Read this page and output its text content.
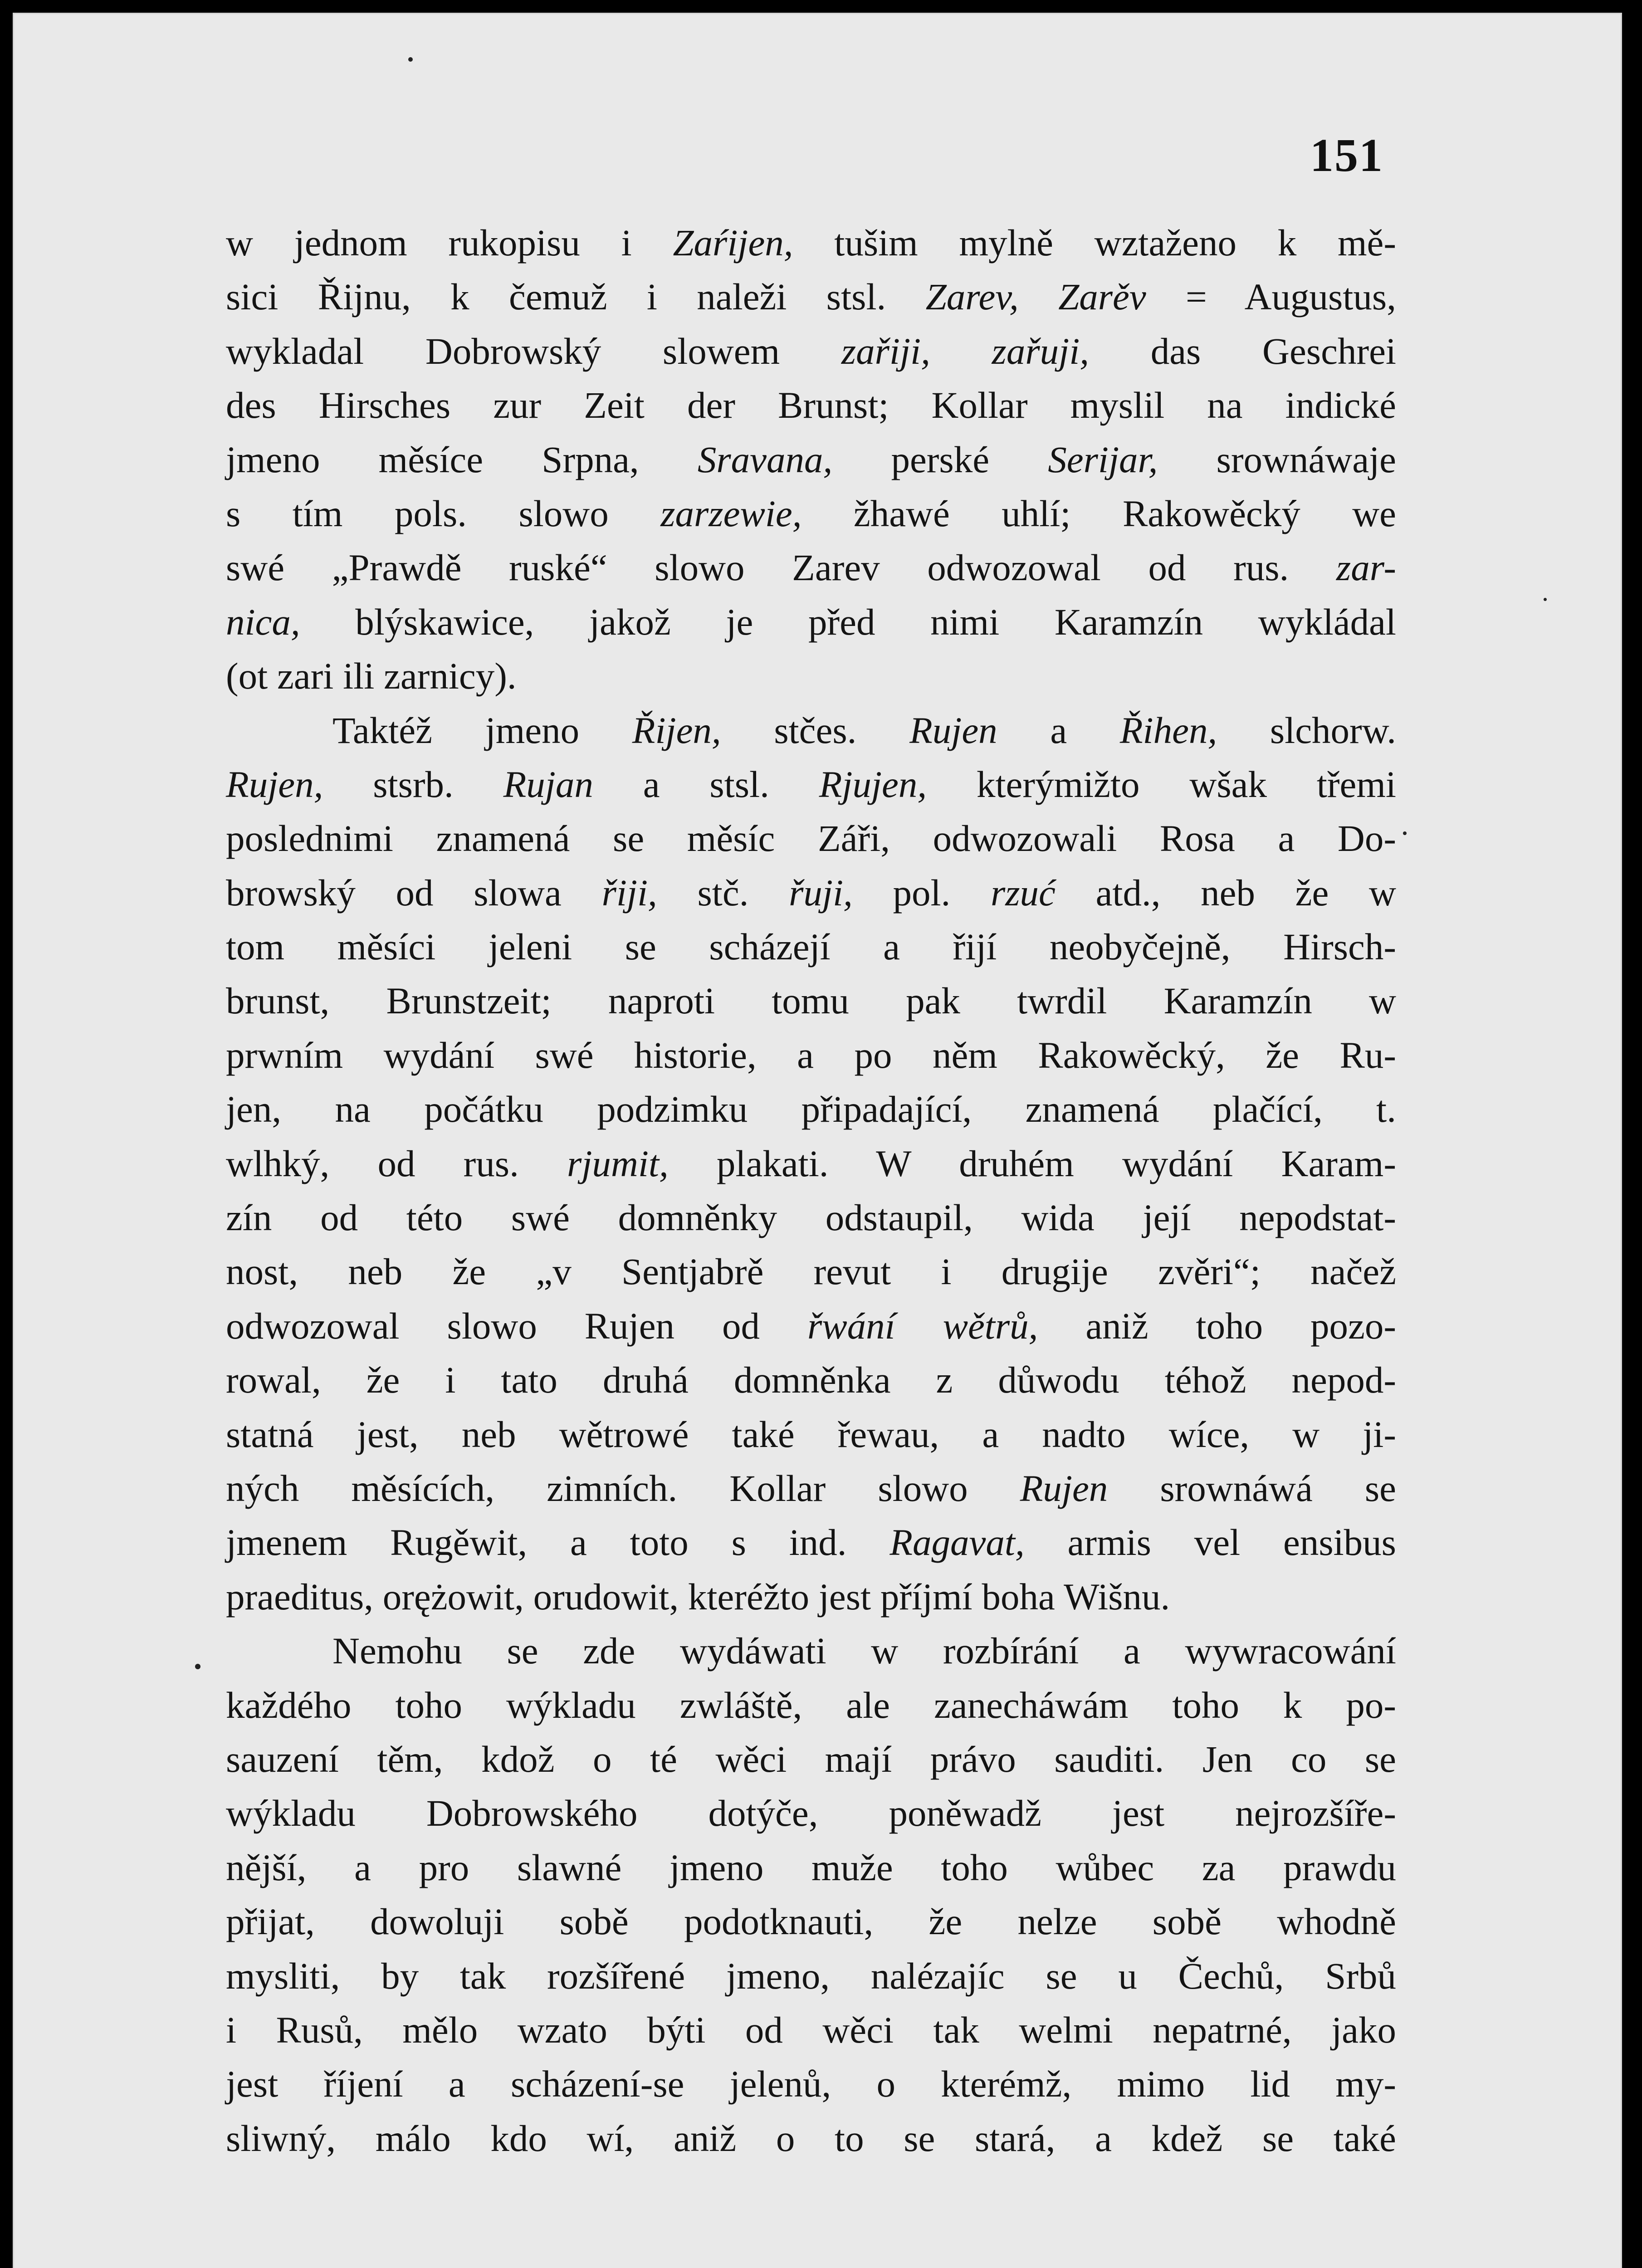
151
w jednom rukopisu i Zaŕijen, tušim mylně wztaženo k mě-
sici Řijnu, k čemuž i naleži stsl. Zarev, Zarěv = Augustus,
wykladal Dobrowský slowem zařiji, zařuji, das Geschrei
des Hirsches zur Zeit der Brunst; Kollar myslil na indické
jmeno měsíce Srpna, Sravana, perské Serijar, srownáwaje
s tím pols. slowo zarzewie, žhawé uhlí; Rakowěcký we
swé „Prawdě ruské“ slowo Zarev odwozowal od rus. zar-
nica, blýskawice, jakož je před nimi Karamzín wykládal
(ot zari ili zarnicy).
Taktéž jmeno Řijen, stčes. Rujen a Řihen, slchorw.
Rujen, stsrb. Rujan a stsl. Rjujen, kterýmižto wšak třemi
poslednimi znamená se měsíc Záři, odwozowali Rosa a Do-
browský od slowa řiji, stč. řuji, pol. rzuć atd., neb že w
tom měsíci jeleni se scházejí a řijí neobyčejně, Hirsch-
brunst, Brunstzeit; naproti tomu pak twrdil Karamzín w
prwním wydání swé historie, a po něm Rakowěcký, že Ru-
jen, na počátku podzimku připadající, znamená plačící, t.
wlhký, od rus. rjumit, plakati. W druhém wydání Karam-
zín od této swé domněnky odstaupil, wida její nepodstat-
nost, neb že „v Sentjabrě revut i drugije zvěri“; načež
odwozowal slowo Rujen od řwání wětrů, aniž toho pozo-
rowal, že i tato druhá domněnka z důwodu téhož nepod-
statná jest, neb wětrowé také řewau, a nadto wíce, w ji-
ných měsících, zimních. Kollar slowo Rujen srownáwá se
jmenem Rugěwit, a toto s ind. Ragavat, armis vel ensibus
praeditus, orężowit, orudowit, kteréžto jest příjmí boha Wišnu.
Nemohu se zde wydáwati w rozbírání a wywracowání
každého toho wýkladu zwláště, ale zanecháwám toho k po-
sauzení těm, kdož o té wěci mají právo sauditi. Jen co se
wýkladu Dobrowského dotýče, poněwadž jest nejrozšíře-
nější, a pro slawné jmeno muže toho wůbec za prawdu
přijat, dowoluji sobě podotknauti, že nelze sobě whodně
mysliti, by tak rozšířené jmeno, nalézajíc se u Čechů, Srbů
i Rusů, mělo wzato býti od wěci tak welmi nepatrné, jako
jest říjení a scházení-se jelenů, o kterémž, mimo lid my-
sliwný, málo kdo wí, aniž o to se stará, a kdež se také
